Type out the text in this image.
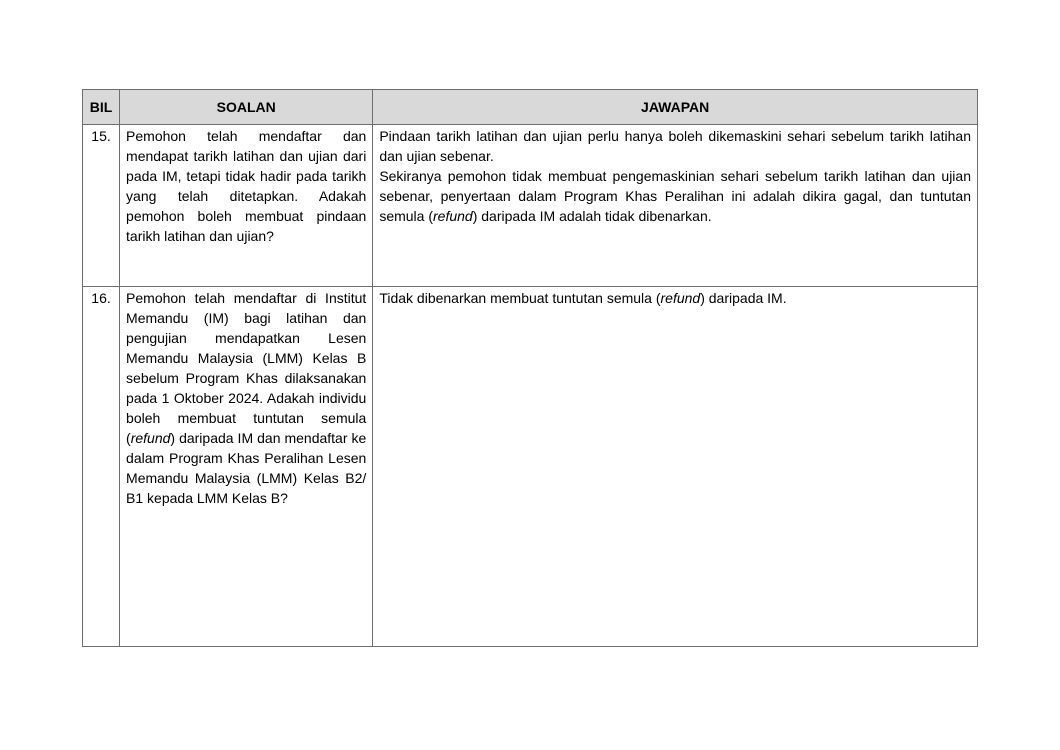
BIL	SOALAN	JAWAPAN
15.	Pemohon telah mendaftar dan mendapat tarikh latihan dan ujian dari pada IM, tetapi tidak hadir pada tarikh yang telah ditetapkan. Adakah pemohon boleh membuat pindaan tarikh latihan dan ujian?	Pindaan tarikh latihan dan ujian perlu hanya boleh dikemaskini sehari sebelum tarikh latihan dan ujian sebenar.

Sekiranya pemohon tidak membuat pengemaskinian sehari sebelum tarikh latihan dan ujian sebenar, penyertaan dalam Program Khas Peralihan ini adalah dikira gagal, dan tuntutan semula (refund) daripada IM adalah tidak dibenarkan.

16.	Pemohon telah mendaftar di Institut Memandu (IM) bagi latihan dan pengujian mendapatkan Lesen Memandu Malaysia (LMM) Kelas B sebelum Program Khas dilaksanakan pada 1 Oktober 2024. Adakah individu boleh membuat tuntutan semula (refund) daripada IM dan mendaftar ke dalam Program Khas Peralihan Lesen Memandu Malaysia (LMM) Kelas B2/ B1 kepada LMM Kelas B?	Tidak dibenarkan membuat tuntutan semula (refund) daripada IM.
